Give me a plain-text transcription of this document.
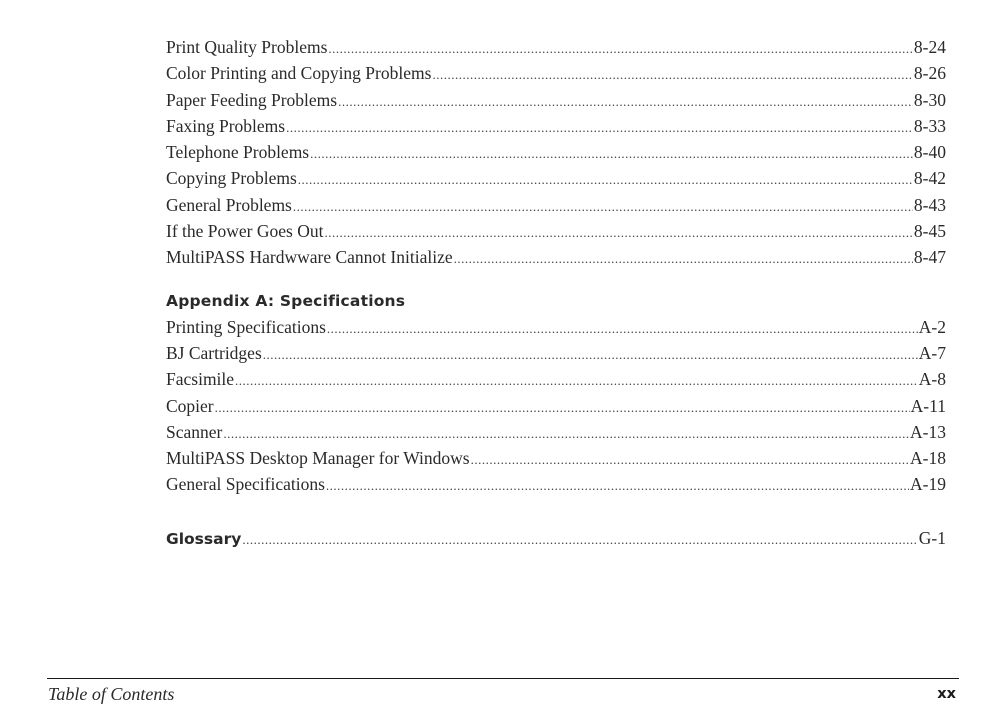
Print Quality Problems .....	8-24
Color Printing and Copying Problems .....	8-26
Paper Feeding Problems .....	8-30
Faxing Problems .....	8-33
Telephone Problems .....	8-40
Copying Problems .....	8-42
General Problems .....	8-43
If the Power Goes Out .....	8-45
MultiPASS Hardwware Cannot Initialize .....	8-47
Appendix A: Specifications
Printing Specifications .....	A-2
BJ Cartridges .....	A-7
Facsimile .....	A-8
Copier .....	A-11
Scanner .....	A-13
MultiPASS Desktop Manager for Windows .....	A-18
General Specifications .....	A-19
Glossary .....	G-1
Table of Contents	xx
